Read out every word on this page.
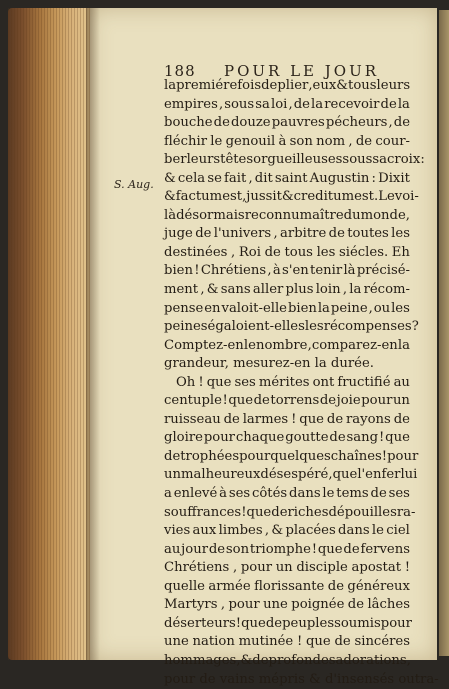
188 POUR LE JOUR
S. Aug.
la premiére fois de plier , eux & tous leurs
empires , sous sa loi , de la recevoir de la
bouche de douze pauvres pécheurs , de
fléchir le genouil à son nom , de cour-
ber leurs têtes orgueilleuses sous sa croix:
& cela se fait , dit saint Augustin : Dixit
& factum est , jussit & creditum est. Le voi-
là désormais reconnu maître du monde,
juge de l'univers , arbitre de toutes les
destinées , Roi de tous les siécles. Eh
bien ! Chrétiens , à s'en tenir là précisé-
ment , & sans aller plus loin , la récom-
pense en valoit-elle bien la peine , ou les
peines égaloient-elles les récompenses ?
Comptez-en le nombre , comparez-en la
grandeur, mesurez-en la durée.
Oh ! que ses mérites ont fructifié au
centuple ! que de torrens de joie pour un
ruisseau de larmes ! que de rayons de
gloire pour chaque goutte de sang ! que
de trophées pour quelques chaînes ! pour
un malheureux désespéré , que l'enfer lui
a enlevé à ses côtés dans le tems de ses
souffrances ! que de riches dépouilles ra-
vies aux limbes , & placées dans le ciel
au jour de son triomphe ! que de fervens
Chrétiens , pour un disciple apostat !
quelle armée florissante de généreux
Martyrs , pour une poignée de lâches
déserteurs ! que de peuples soumis pour
une nation mutinée ! que de sincéres
hommages , & de profondes adorations ,
pour de vains mépris & d'insensés outra-
